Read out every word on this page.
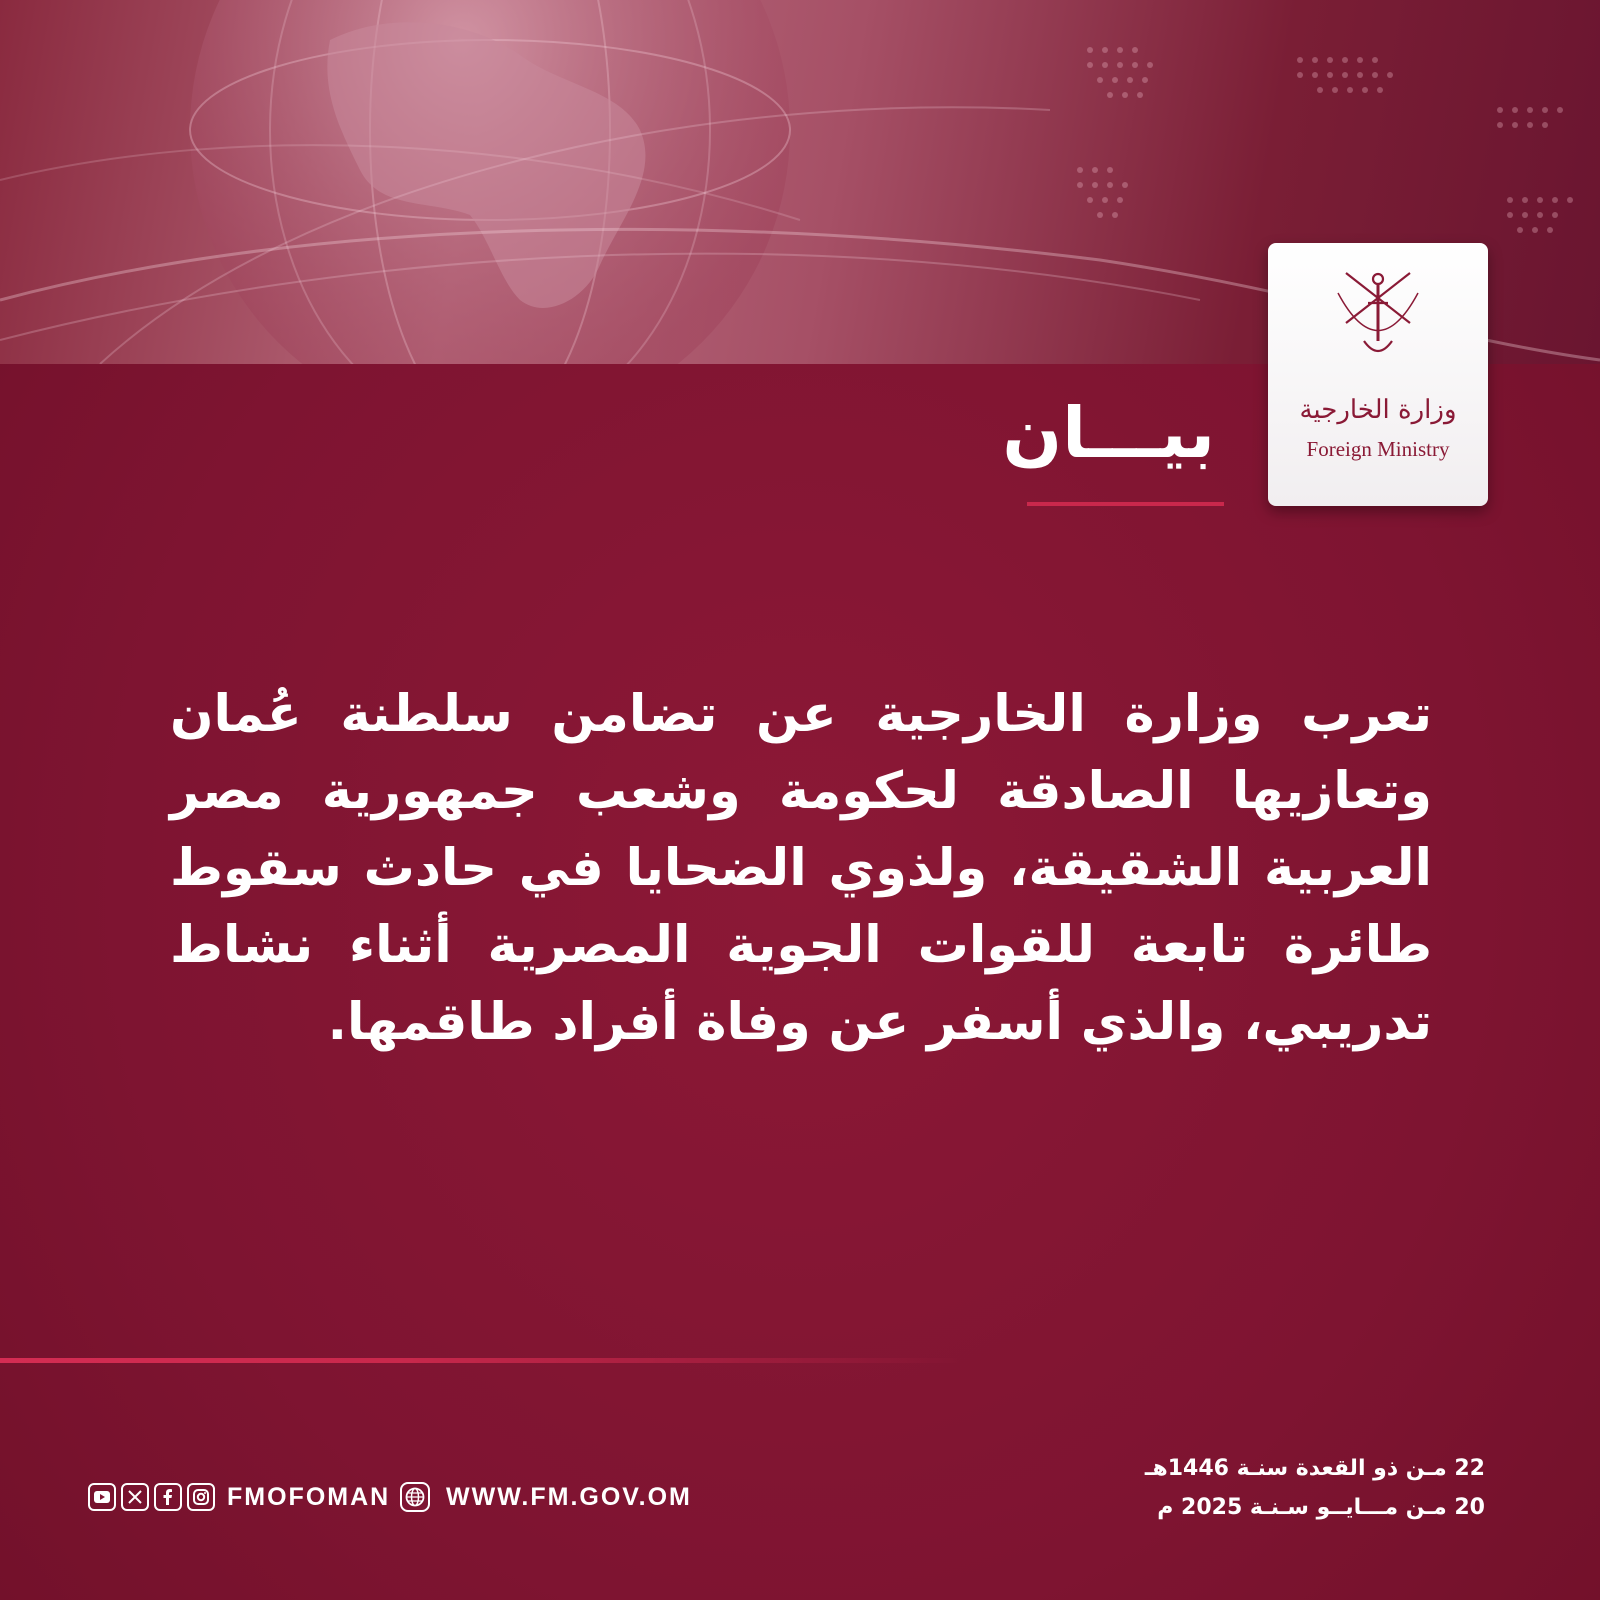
وزارة الخارجية
Foreign Ministry
بيـــان

تعرب وزارة الخارجية عن تضامن سلطنة عُمان وتعازيها الصادقة لحكومة وشعب جمهورية مصر العربية الشقيقة، ولذوي الضحايا في حادث سقوط طائرة تابعة للقوات الجوية المصرية أثناء نشاط تدريبي، والذي أسفر عن وفاة أفراد طاقمها.

FMOFOMAN WWW.FM.GOV.OM
22 مـن ذو القعدة سنـة 1446هـ
20 مـن مـــايــو سـنـة 2025 م
